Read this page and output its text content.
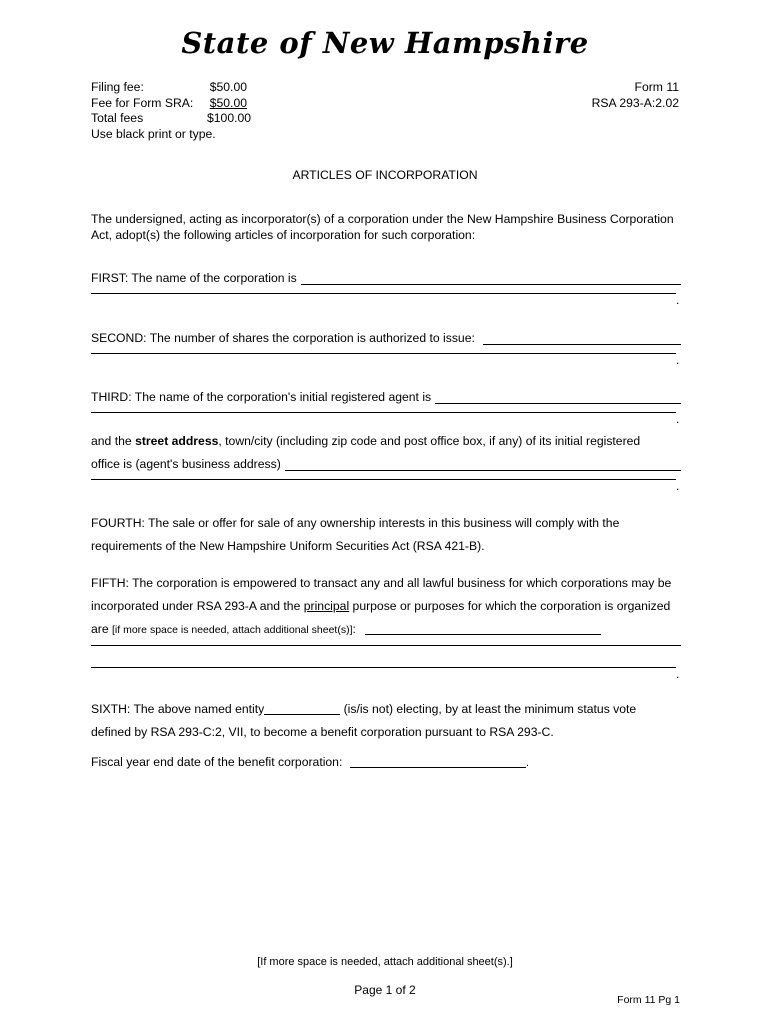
State of New Hampshire
Filing fee:	$50.00
Fee for Form SRA:	$50.00
Total fees	$100.00
Use black print or type.
Form 11
RSA 293-A:2.02
ARTICLES OF INCORPORATION
The undersigned, acting as incorporator(s) of a corporation under the New Hampshire Business Corporation Act, adopt(s) the following articles of incorporation for such corporation:
FIRST: The name of the corporation is
.
SECOND: The number of shares the corporation is authorized to issue:
.
THIRD: The name of the corporation's initial registered agent is
.
and the street address, town/city (including zip code and post office box, if any) of its initial registered
office is (agent's business address)
.
FOURTH: The sale or offer for sale of any ownership interests in this business will comply with the requirements of the New Hampshire Uniform Securities Act (RSA 421-B).
FIFTH: The corporation is empowered to transact any and all lawful business for which corporations may be incorporated under RSA 293-A and the principal purpose or purposes for which the corporation is organized are [if more space is needed, attach additional sheet(s)]:
.
SIXTH: The above named entity	(is/is not) electing, by at least the minimum status vote defined by RSA 293-C:2, VII, to become a benefit corporation pursuant to RSA 293-C.
Fiscal year end date of the benefit corporation:	.
[If more space is needed, attach additional sheet(s).]
Page 1 of 2
Form 11 Pg 1
